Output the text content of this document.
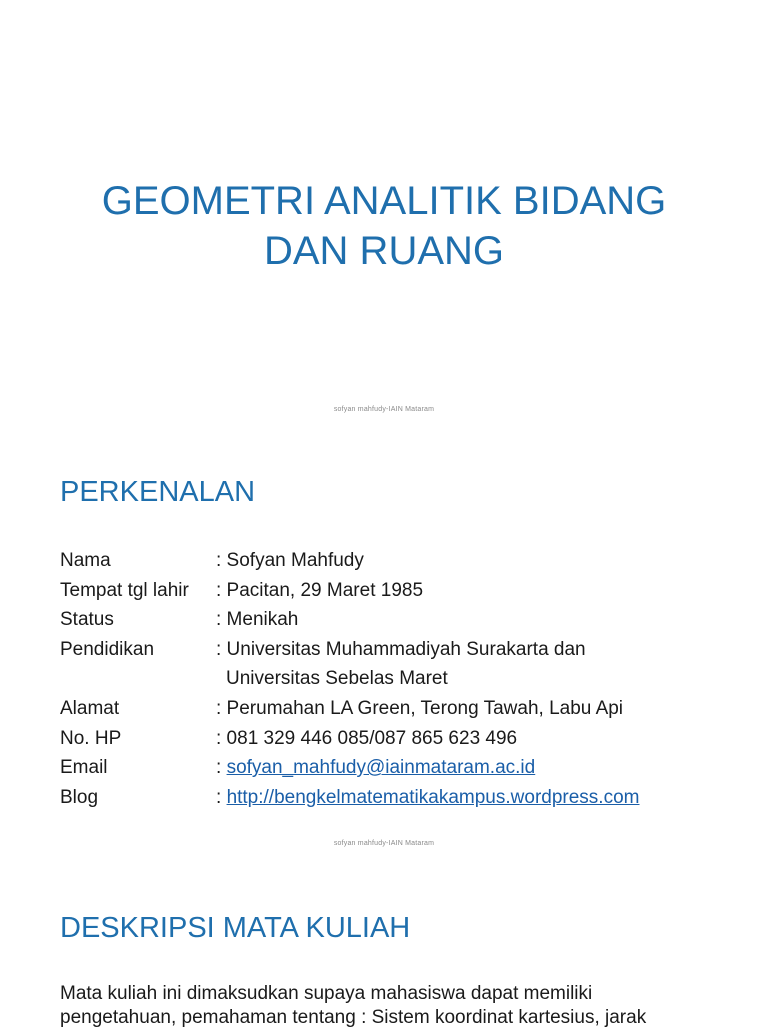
GEOMETRI ANALITIK BIDANG
DAN RUANG
sofyan mahfudy-IAIN Mataram
PERKENALAN
Nama	: Sofyan Mahfudy
Tempat tgl lahir	: Pacitan, 29 Maret 1985
Status	: Menikah
Pendidikan	: Universitas Muhammadiyah Surakarta dan
Universitas Sebelas Maret
Alamat	: Perumahan LA Green, Terong Tawah, Labu Api
No. HP	: 081 329 446 085/087 865 623 496
Email	: sofyan_mahfudy@iainmataram.ac.id
Blog	: http://bengkelmatematikakampus.wordpress.com
sofyan mahfudy-IAIN Mataram
DESKRIPSI MATA KULIAH
Mata kuliah ini dimaksudkan supaya mahasiswa dapat memiliki
pengetahuan, pemahaman tentang : Sistem koordinat kartesius, jarak
